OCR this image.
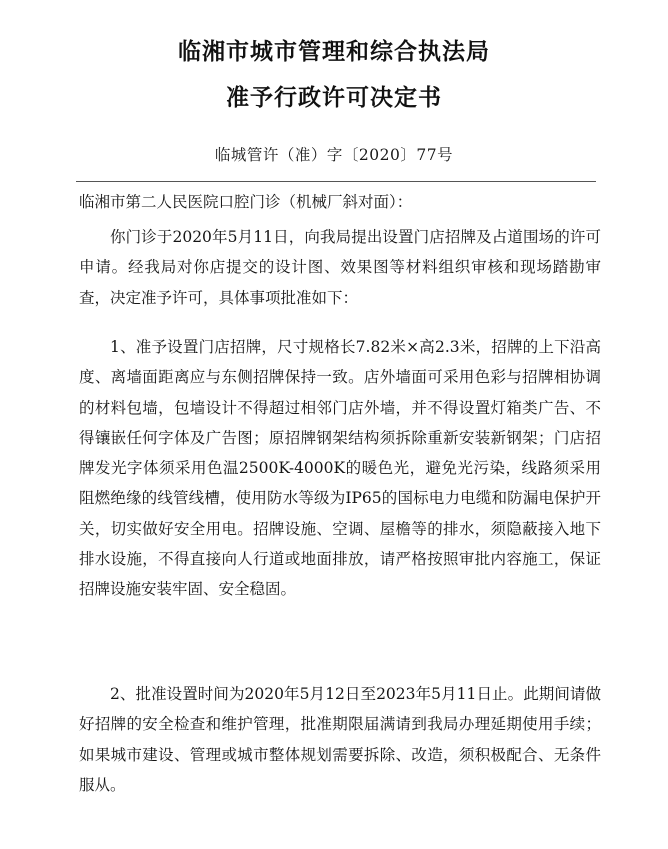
临湘市城市管理和综合执法局
准予行政许可决定书
临城管许（准）字〔2020〕77号
临湘市第二人民医院口腔门诊（机械厂斜对面）：

你门诊于2020年5月11日，向我局提出设置门店招牌及占道围场的许可申请。经我局对你店提交的设计图、效果图等材料组织审核和现场踏勘审查，决定准予许可，具体事项批准如下：

1、准予设置门店招牌，尺寸规格长7.82米×高2.3米，招牌的上下沿高度、离墙面距离应与东侧招牌保持一致。店外墙面可采用色彩与招牌相协调的材料包墙，包墙设计不得超过相邻门店外墙，并不得设置灯箱类广告、不得镶嵌任何字体及广告图；原招牌钢架结构须拆除重新安装新钢架；门店招牌发光字体须采用色温2500K-4000K的暖色光，避免光污染，线路须采用阻燃绝缘的线管线槽，使用防水等级为IP65的国标电力电缆和防漏电保护开关，切实做好安全用电。招牌设施、空调、屋檐等的排水，须隐蔽接入地下排水设施，不得直接向人行道或地面排放，请严格按照审批内容施工，保证招牌设施安装牢固、安全稳固。

2、批准设置时间为2020年5月12日至2023年5月11日止。此期间请做好招牌的安全检查和维护管理，批准期限届满请到我局办理延期使用手续；如果城市建设、管理或城市整体规划需要拆除、改造，须积极配合、无条件服从。
